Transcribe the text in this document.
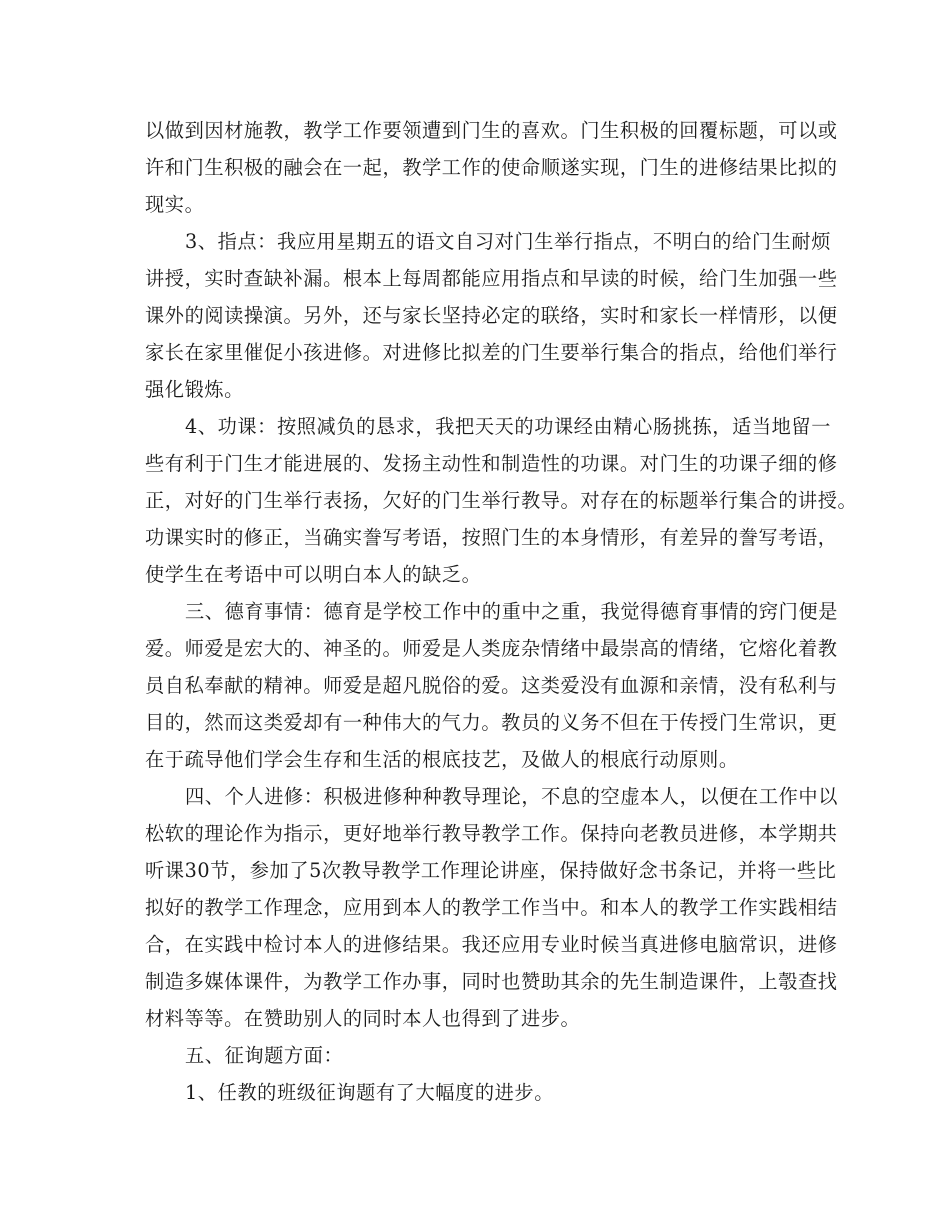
以做到因材施教，教学工作要领遭到门生的喜欢。门生积极的回覆标题，可以或
许和门生积极的融会在一起，教学工作的使命顺遂实现，门生的进修结果比拟的
现实。
3、指点：我应用星期五的语文自习对门生举行指点，不明白的给门生耐烦
讲授，实时查缺补漏。根本上每周都能应用指点和早读的时候，给门生加强一些
课外的阅读操演。另外，还与家长坚持必定的联络，实时和家长一样情形，以便
家长在家里催促小孩进修。对进修比拟差的门生要举行集合的指点，给他们举行
强化锻炼。
4、功课：按照减负的恳求，我把天天的功课经由精心肠挑拣，适当地留一
些有利于门生才能进展的、发扬主动性和制造性的功课。对门生的功课子细的修
正，对好的门生举行表扬，欠好的门生举行教导。对存在的标题举行集合的讲授。
功课实时的修正，当确实誊写考语，按照门生的本身情形，有差异的誊写考语，
使学生在考语中可以明白本人的缺乏。
三、德育事情：德育是学校工作中的重中之重，我觉得德育事情的窍门便是
爱。师爱是宏大的、神圣的。师爱是人类庞杂情绪中最崇高的情绪，它熔化着教
员自私奉献的精神。师爱是超凡脱俗的爱。这类爱没有血源和亲情，没有私利与
目的，然而这类爱却有一种伟大的气力。教员的义务不但在于传授门生常识，更
在于疏导他们学会生存和生活的根底技艺，及做人的根底行动原则。
四、个人进修：积极进修种种教导理论，不息的空虚本人，以便在工作中以
松软的理论作为指示，更好地举行教导教学工作。保持向老教员进修，本学期共
听课30节，参加了5次教导教学工作理论讲座，保持做好念书条记，并将一些比
拟好的教学工作理念，应用到本人的教学工作当中。和本人的教学工作实践相结
合，在实践中检讨本人的进修结果。我还应用专业时候当真进修电脑常识，进修
制造多媒体课件，为教学工作办事，同时也赞助其余的先生制造课件，上彀查找
材料等等。在赞助别人的同时本人也得到了进步。
五、征询题方面：
1、任教的班级征询题有了大幅度的进步。
